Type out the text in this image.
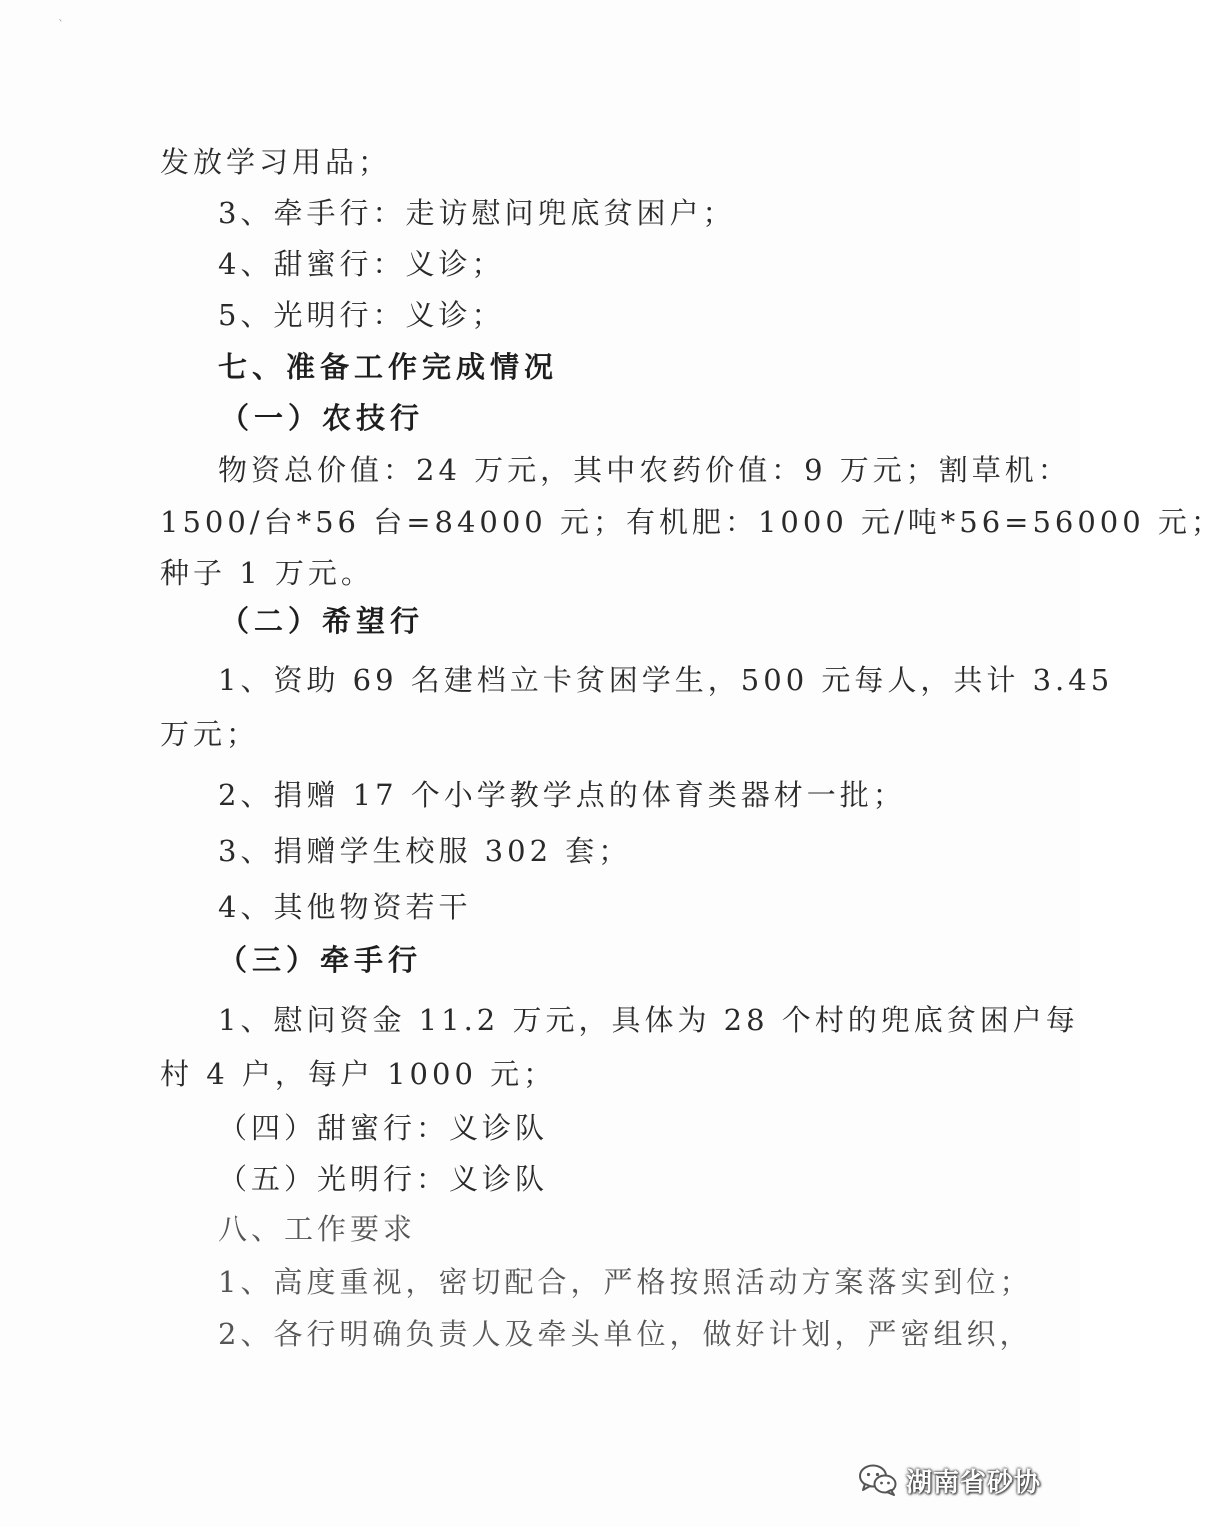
`
发放学习用品；
3、牵手行：走访慰问兜底贫困户；
4、甜蜜行：义诊；
5、光明行：义诊；
七、准备工作完成情况
（一）农技行
物资总价值：24 万元，其中农药价值：9 万元；割草机：
1500/台*56 台=84000 元；有机肥：1000 元/吨*56=56000 元；
种子 1 万元。
（二）希望行
1、资助 69 名建档立卡贫困学生，500 元每人，共计 3.45
万元；
2、捐赠 17 个小学教学点的体育类器材一批；
3、捐赠学生校服 302 套；
4、其他物资若干
（三）牵手行
1、慰问资金 11.2 万元，具体为 28 个村的兜底贫困户每
村 4 户，每户 1000 元；
（四）甜蜜行：义诊队
（五）光明行：义诊队
八、工作要求
1、高度重视，密切配合，严格按照活动方案落实到位；
2、各行明确负责人及牵头单位，做好计划，严密组织，
湖南省砂协
